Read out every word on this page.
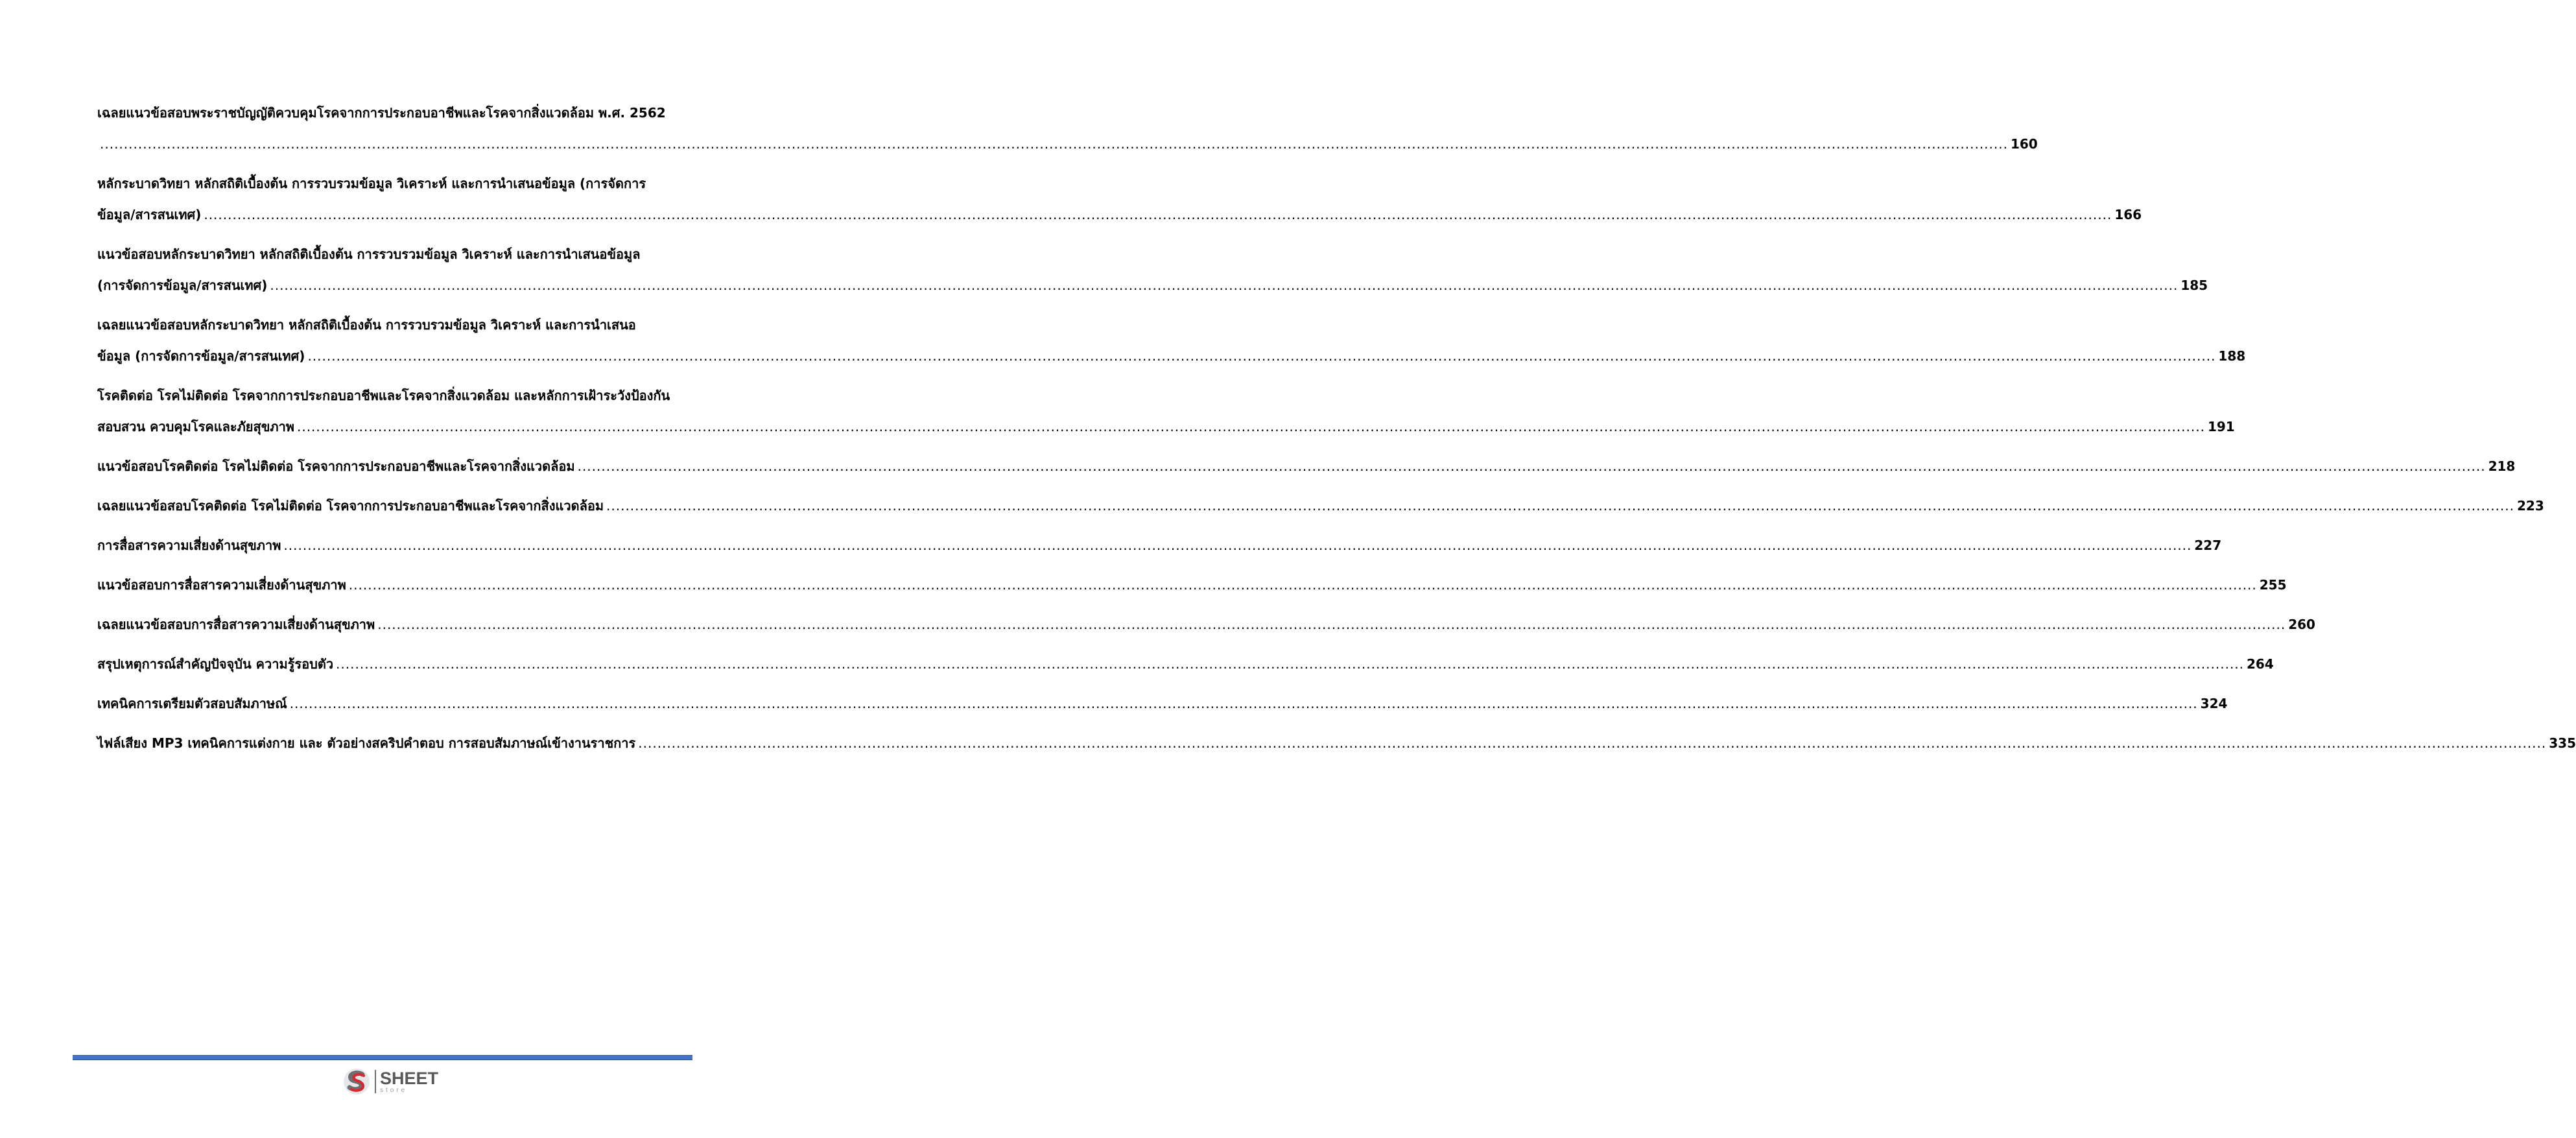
เฉลยแนวข้อสอบพระราชบัญญัติควบคุมโรคจากการประกอบอาชีพและโรคจากสิ่งแวดล้อม พ.ศ. 2562
................................................................................................................................................................................................................................................................................................................................................................................................................ 160
หลักระบาดวิทยา หลักสถิติเบื้องต้น การรวบรวมข้อมูล วิเคราะห์ และการนำเสนอข้อมูล (การจัดการ
ข้อมูล/สารสนเทศ) ................................................................................................................................................................................................................................................................................................................................................................................................................ 166
แนวข้อสอบหลักระบาดวิทยา หลักสถิติเบื้องต้น การรวบรวมข้อมูล วิเคราะห์ และการนำเสนอข้อมูล
(การจัดการข้อมูล/สารสนเทศ) ................................................................................................................................................................................................................................................................................................................................................................................................................ 185
เฉลยแนวข้อสอบหลักระบาดวิทยา หลักสถิติเบื้องต้น การรวบรวมข้อมูล วิเคราะห์ และการนำเสนอ
ข้อมูล (การจัดการข้อมูล/สารสนเทศ) ................................................................................................................................................................................................................................................................................................................................................................................................................ 188
โรคติดต่อ โรคไม่ติดต่อ โรคจากการประกอบอาชีพและโรคจากสิ่งแวดล้อม และหลักการเฝ้าระวังป้องกัน
สอบสวน ควบคุมโรคและภัยสุขภาพ ................................................................................................................................................................................................................................................................................................................................................................................................................ 191
แนวข้อสอบโรคติดต่อ โรคไม่ติดต่อ โรคจากการประกอบอาชีพและโรคจากสิ่งแวดล้อม ................................................................................................................................................................................................................................................................................................................................................................................................................ 218
เฉลยแนวข้อสอบโรคติดต่อ โรคไม่ติดต่อ โรคจากการประกอบอาชีพและโรคจากสิ่งแวดล้อม ................................................................................................................................................................................................................................................................................................................................................................................................................ 223
การสื่อสารความเสี่ยงด้านสุขภาพ ................................................................................................................................................................................................................................................................................................................................................................................................................ 227
แนวข้อสอบการสื่อสารความเสี่ยงด้านสุขภาพ ................................................................................................................................................................................................................................................................................................................................................................................................................ 255
เฉลยแนวข้อสอบการสื่อสารความเสี่ยงด้านสุขภาพ ................................................................................................................................................................................................................................................................................................................................................................................................................ 260
สรุปเหตุการณ์สำคัญปัจจุบัน ความรู้รอบตัว ................................................................................................................................................................................................................................................................................................................................................................................................................ 264
เทคนิคการเตรียมตัวสอบสัมภาษณ์ ................................................................................................................................................................................................................................................................................................................................................................................................................ 324
ไฟล์เสียง MP3 เทคนิคการแต่งกาย และ ตัวอย่างสคริปคำตอบ การสอบสัมภาษณ์เข้างานราชการ ................................................................................................................................................................................................................................................................................................................................................................................................................ 335
SHEET
store
